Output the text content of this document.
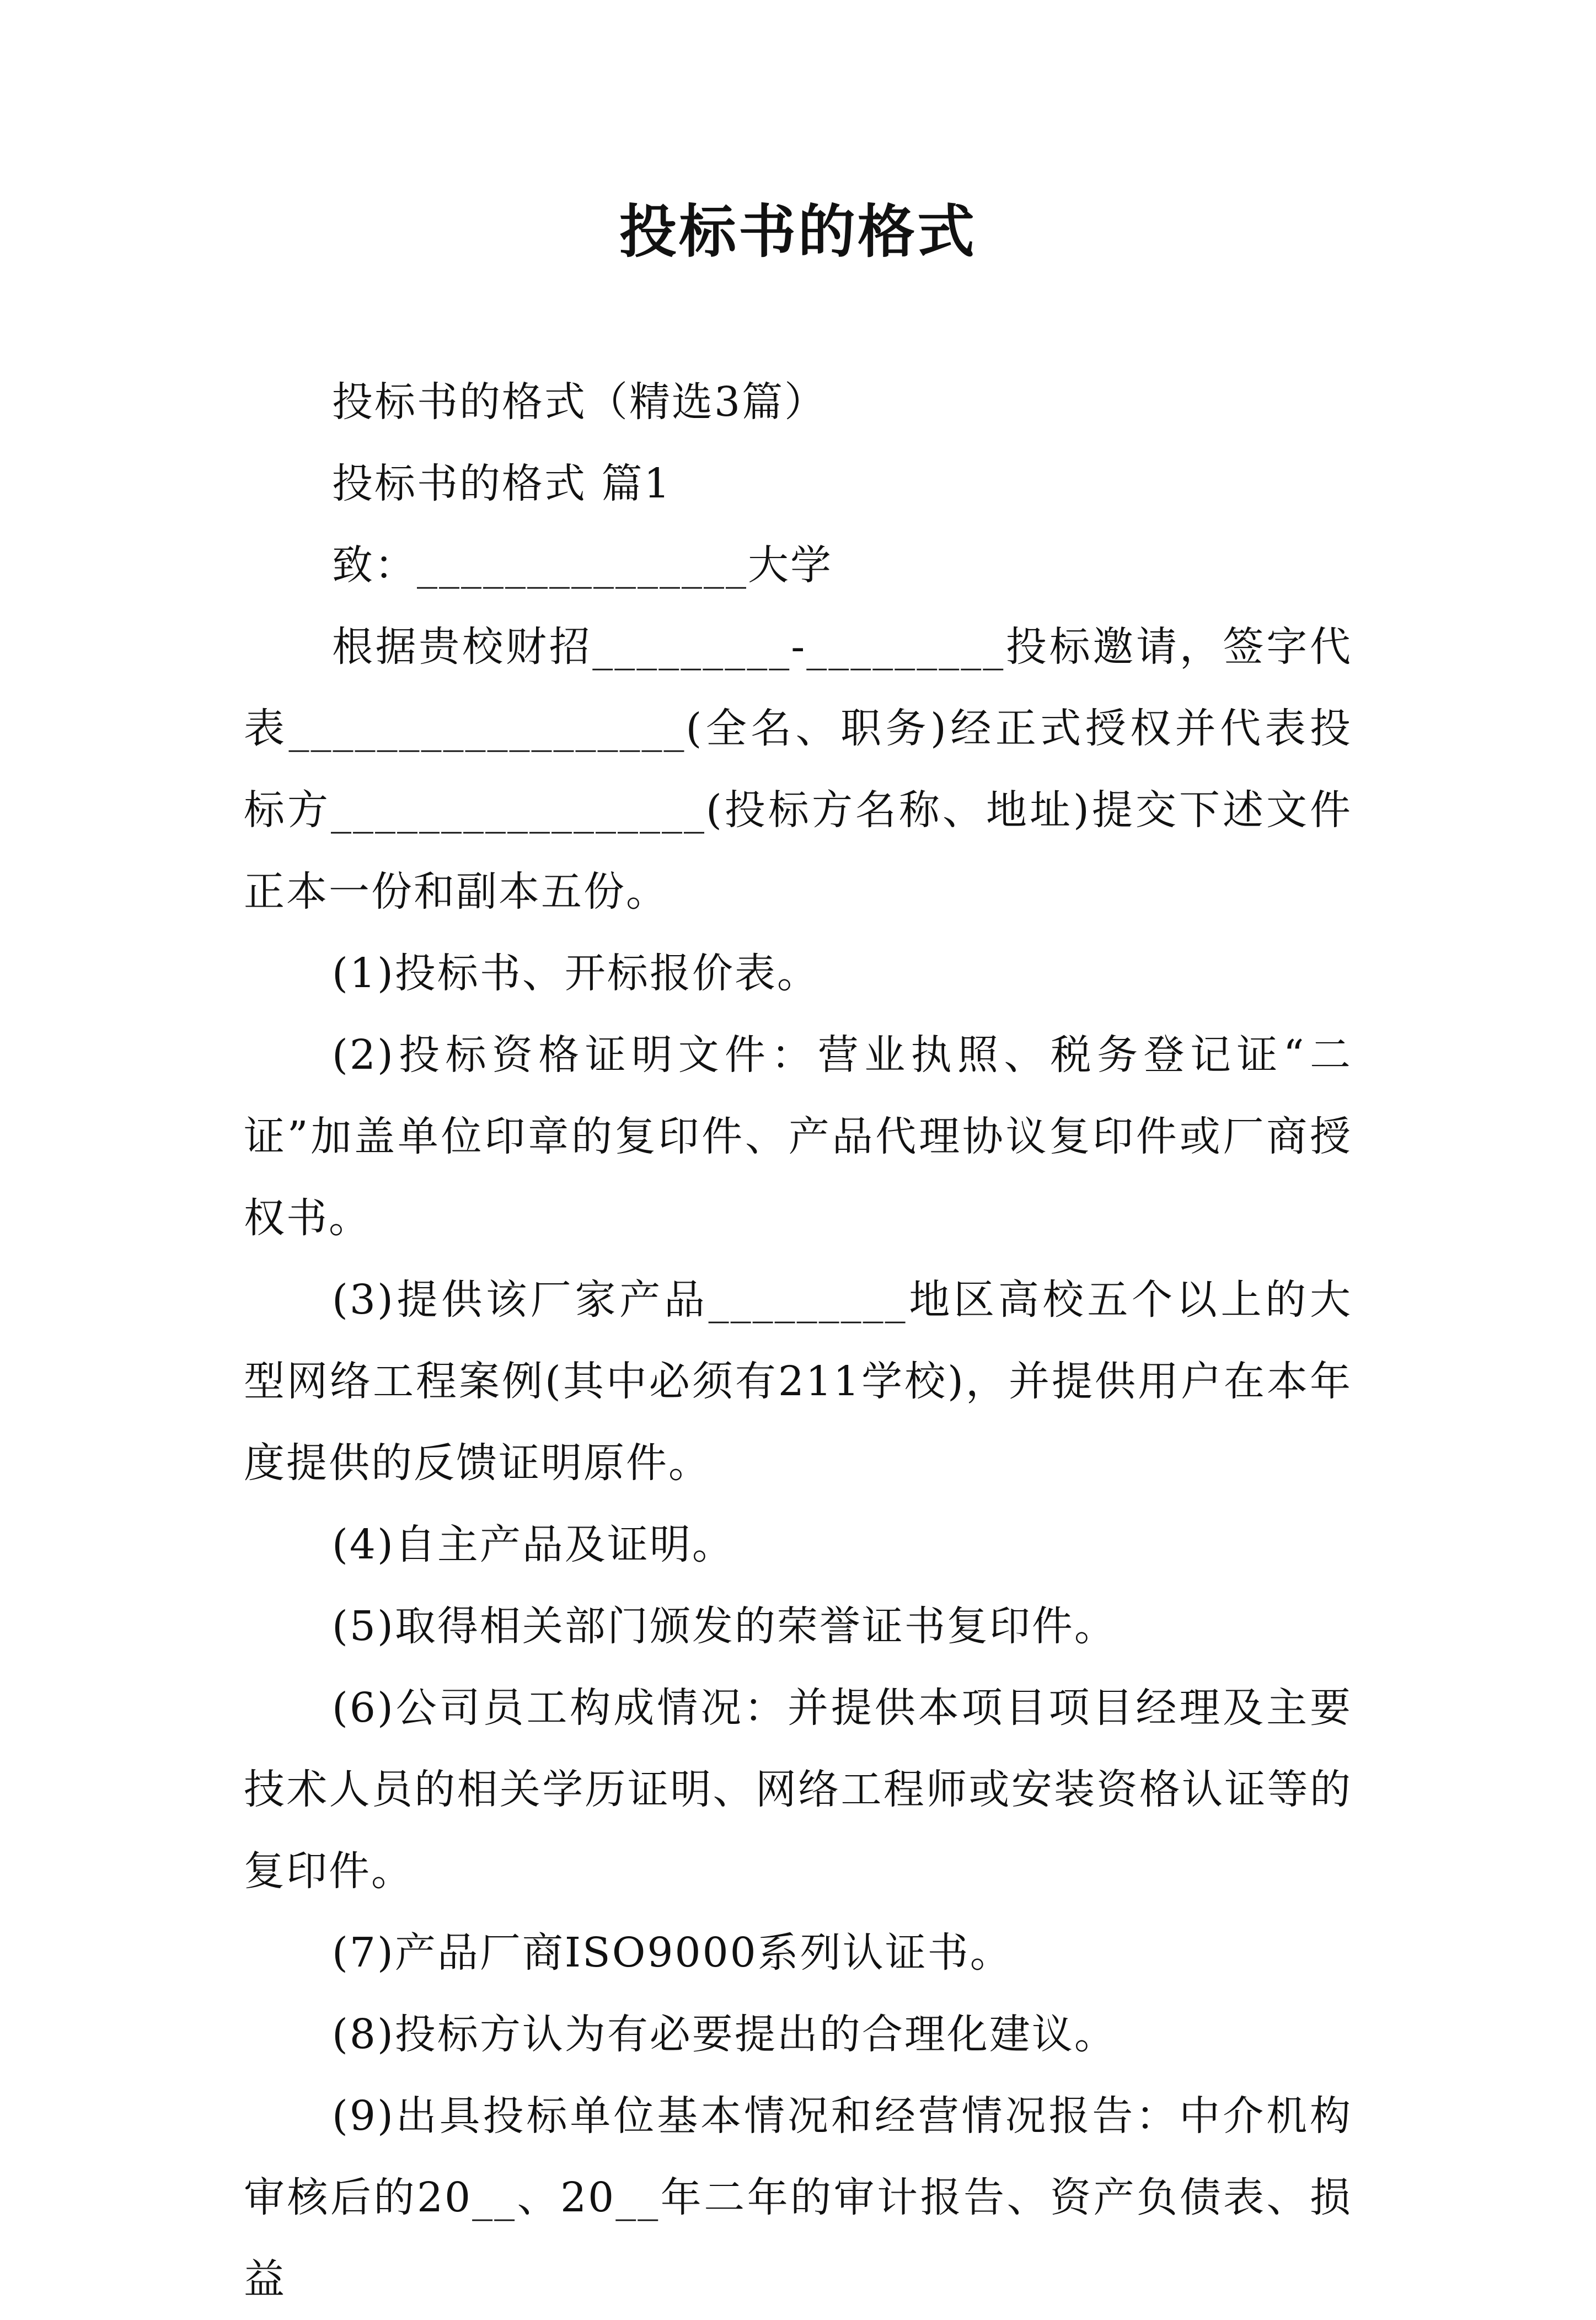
投标书的格式

投标书的格式（精选3篇）

投标书的格式 篇1

致：_______________大学

根据贵校财招_________-_________投标邀请，签字代表__________________(全名、职务)经正式授权并代表投标方_________________(投标方名称、地址)提交下述文件正本一份和副本五份。

(1)投标书、开标报价表。

(2)投标资格证明文件：营业执照、税务登记证“二证”加盖单位印章的复印件、产品代理协议复印件或厂商授权书。

(3)提供该厂家产品_________地区高校五个以上的大型网络工程案例(其中必须有211学校)，并提供用户在本年度提供的反馈证明原件。

(4)自主产品及证明。

(5)取得相关部门颁发的荣誉证书复印件。

(6)公司员工构成情况：并提供本项目项目经理及主要技术人员的相关学历证明、网络工程师或安装资格认证等的复印件。

(7)产品厂商ISO9000系列认证书。

(8)投标方认为有必要提出的合理化建议。

(9)出具投标单位基本情况和经营情况报告：中介机构审核后的20__、20__年二年的审计报告、资产负债表、损益
